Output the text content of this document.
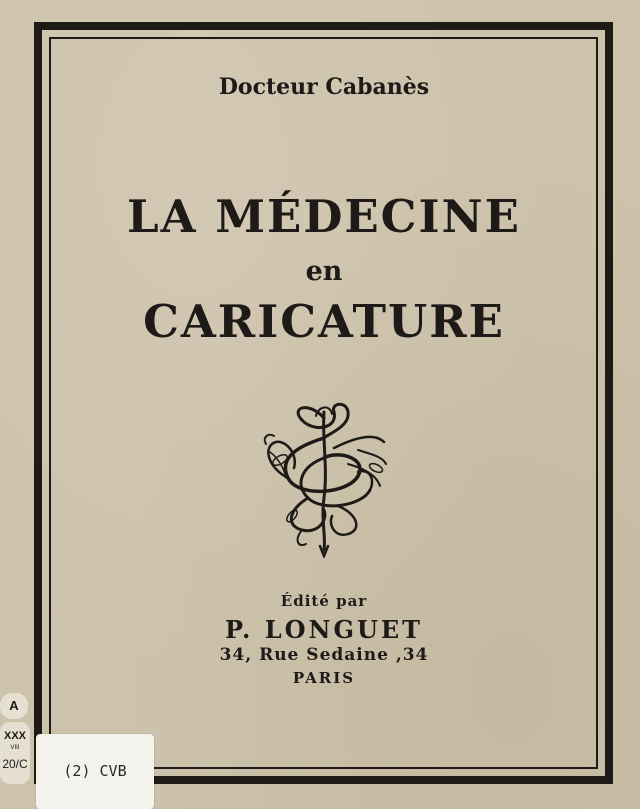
Docteur Cabanès
LA MÉDECINE
en
CARICATURE
Édité par
P. LONGUET
34, Rue Sedaine ,34
PARIS
A
XXX
VIII
20/C	(2) CVB
